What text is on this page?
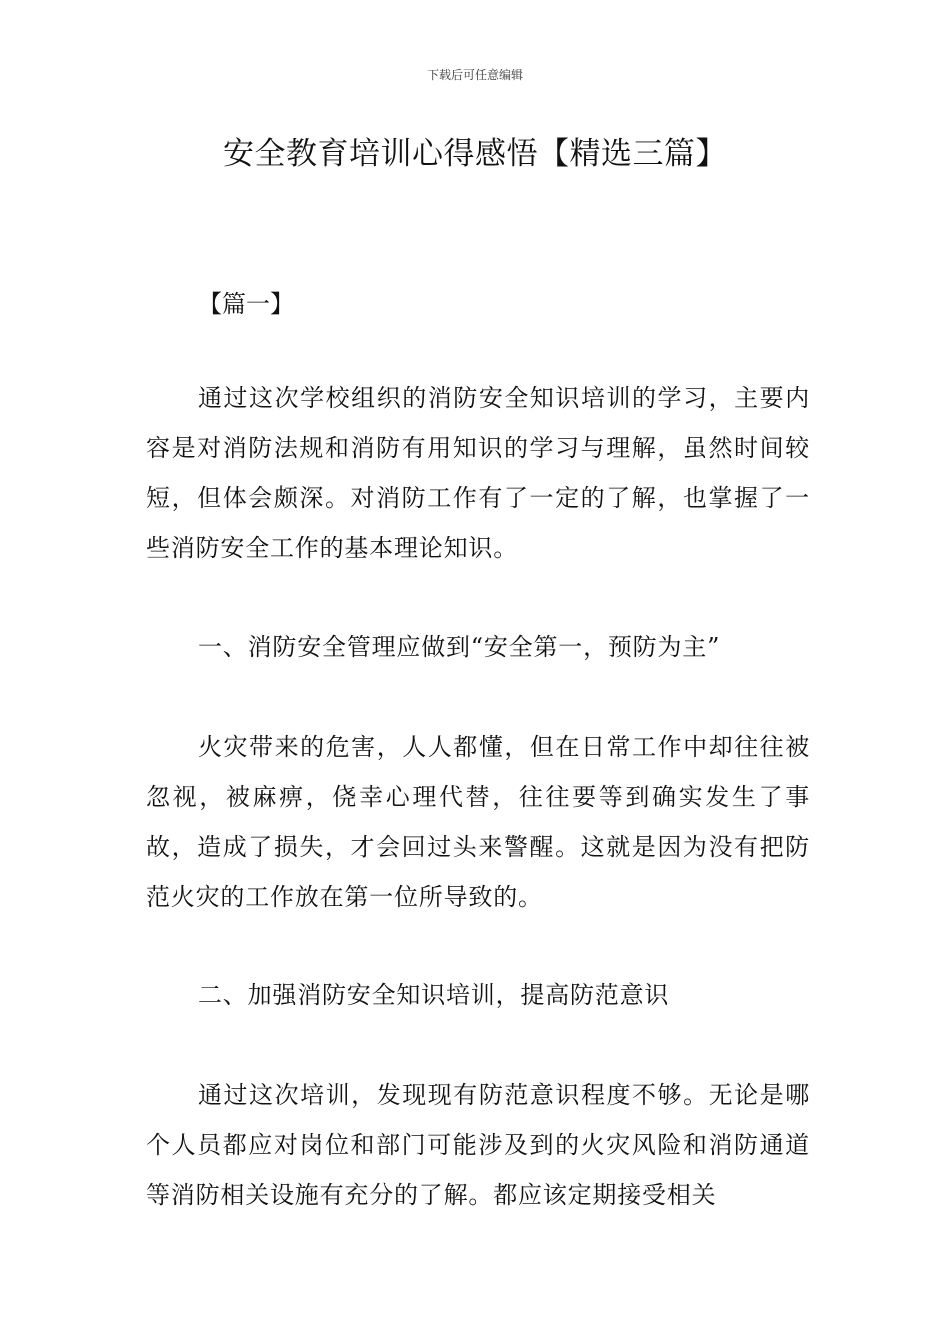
下载后可任意编辑
安全教育培训心得感悟【精选三篇】
【篇一】

通过这次学校组织的消防安全知识培训的学习，主要内容是对消防法规和消防有用知识的学习与理解，虽然时间较短，但体会颇深。对消防工作有了一定的了解，也掌握了一些消防安全工作的基本理论知识。

一、消防安全管理应做到“安全第一，预防为主”

火灾带来的危害，人人都懂，但在日常工作中却往往被忽视，被麻痹，侥幸心理代替，往往要等到确实发生了事故，造成了损失，才会回过头来警醒。这就是因为没有把防范火灾的工作放在第一位所导致的。

二、加强消防安全知识培训，提高防范意识

通过这次培训，发现现有防范意识程度不够。无论是哪个人员都应对岗位和部门可能涉及到的火灾风险和消防通道等消防相关设施有充分的了解。都应该定期接受相关
